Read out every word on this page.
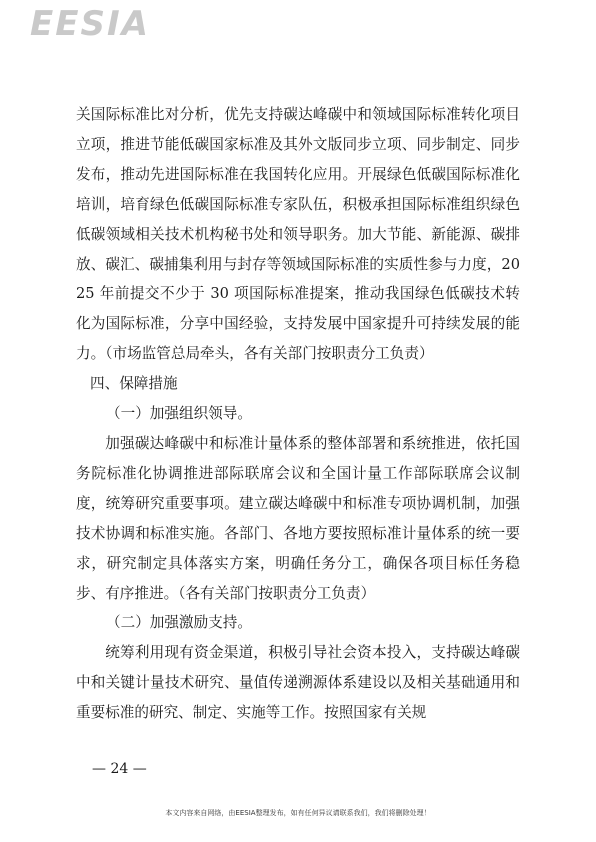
EESIA

关国际标准比对分析，优先支持碳达峰碳中和领域国际标准转化项目立项，推进节能低碳国家标准及其外文版同步立项、同步制定、同步发布，推动先进国际标准在我国转化应用。开展绿色低碳国际标准化培训，培育绿色低碳国际标准专家队伍，积极承担国际标准组织绿色低碳领域相关技术机构秘书处和领导职务。加大节能、新能源、碳排放、碳汇、碳捕集利用与封存等领域国际标准的实质性参与力度，2025 年前提交不少于 30 项国际标准提案，推动我国绿色低碳技术转化为国际标准，分享中国经验，支持发展中国家提升可持续发展的能力。（市场监管总局牵头，各有关部门按职责分工负责）

四、保障措施

（一）加强组织领导。

加强碳达峰碳中和标准计量体系的整体部署和系统推进，依托国务院标准化协调推进部际联席会议和全国计量工作部际联席会议制度，统筹研究重要事项。建立碳达峰碳中和标准专项协调机制，加强技术协调和标准实施。各部门、各地方要按照标准计量体系的统一要求，研究制定具体落实方案，明确任务分工，确保各项目标任务稳步、有序推进。（各有关部门按职责分工负责）

（二）加强激励支持。

统筹利用现有资金渠道，积极引导社会资本投入，支持碳达峰碳中和关键计量技术研究、量值传递溯源体系建设以及相关基础通用和重要标准的研究、制定、实施等工作。按照国家有关规

— 24 —
本文内容来自网络，由EESIA整理发布，如有任何异议请联系我们，我们将删除处理！
